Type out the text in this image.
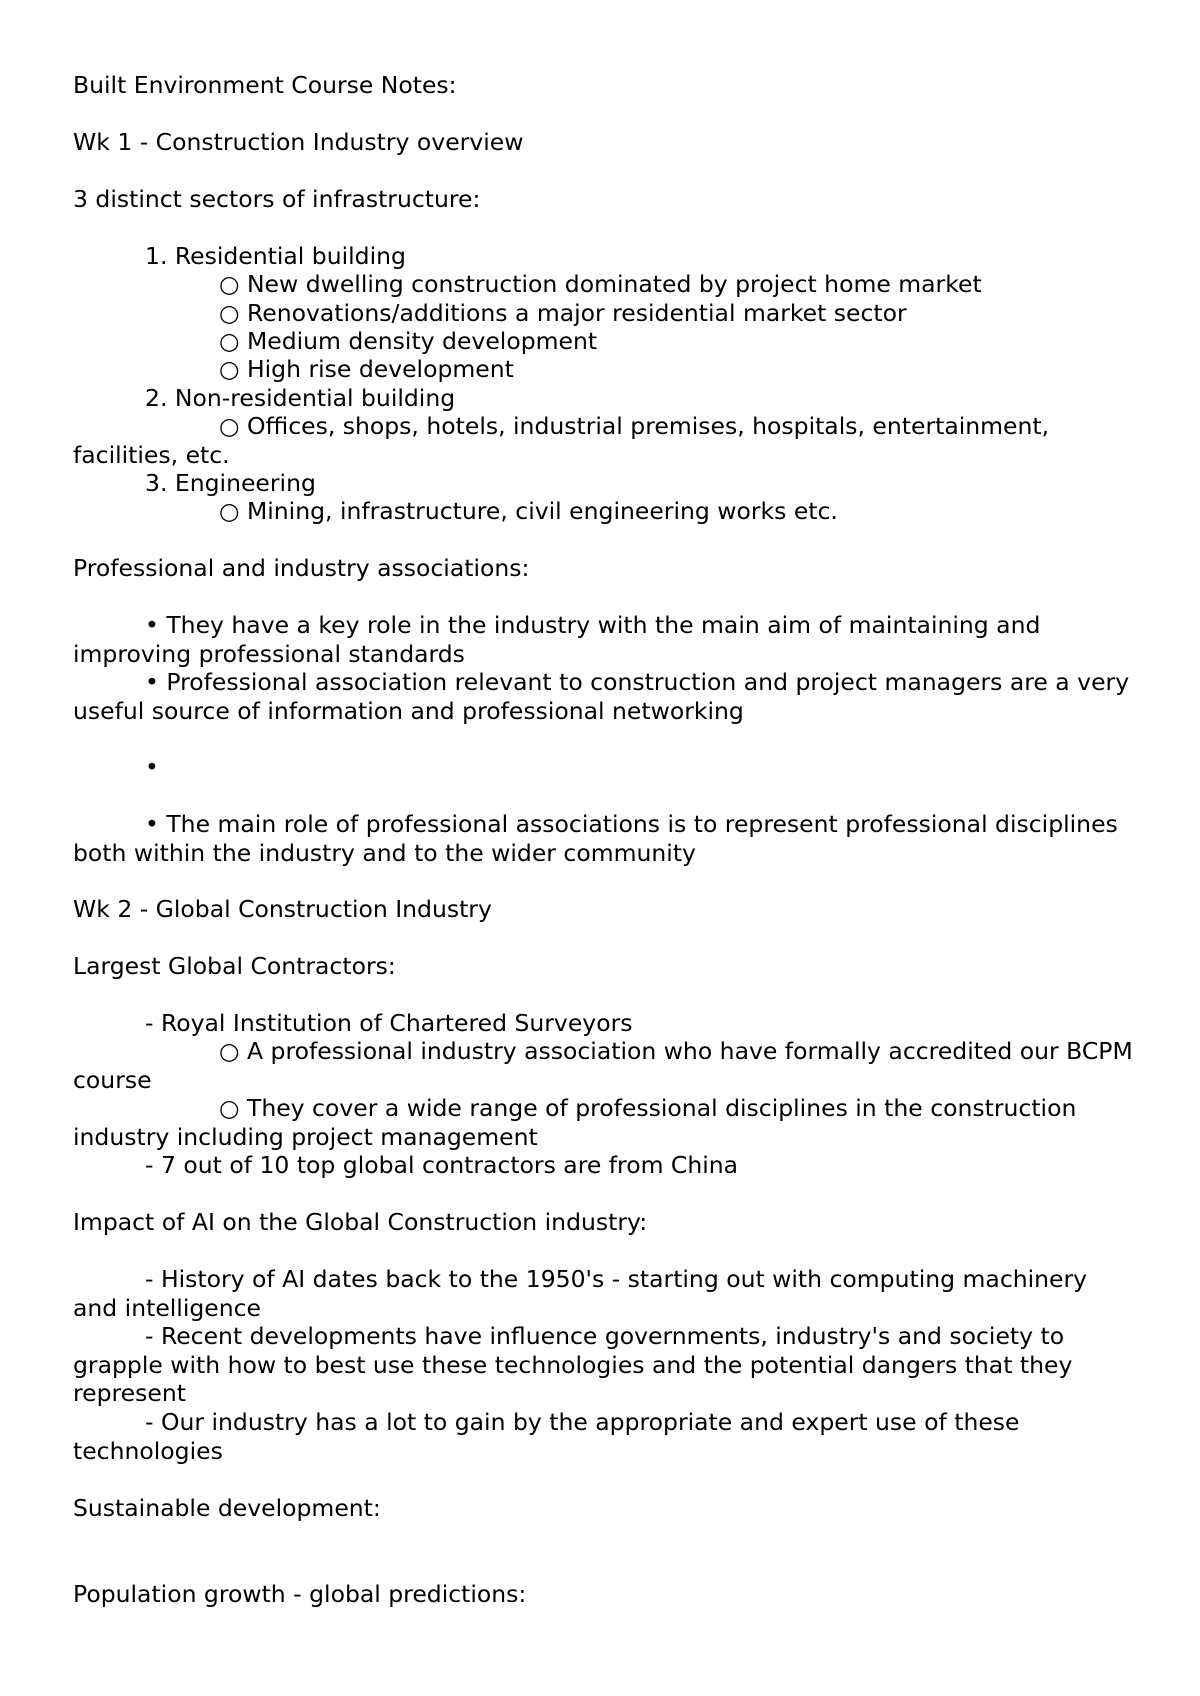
Built Environment Course Notes:

Wk 1 - Construction Industry overview

3 distinct sectors of infrastructure:

1. Residential building

○ New dwelling construction dominated by project home market

○ Renovations/additions a major residential market sector

○ Medium density development

○ High rise development

2. Non-residential building

○ Offices, shops, hotels, industrial premises, hospitals, entertainment, facilities, etc.

3. Engineering

○ Mining, infrastructure, civil engineering works etc.

Professional and industry associations:

• They have a key role in the industry with the main aim of maintaining and improving professional standards

• Professional association relevant to construction and project managers are a very useful source of information and professional networking

•

• The main role of professional associations is to represent professional disciplines both within the industry and to the wider community

Wk 2 - Global Construction Industry

Largest Global Contractors:

- Royal Institution of Chartered Surveyors

○ A professional industry association who have formally accredited our BCPM course

○ They cover a wide range of professional disciplines in the construction industry including project management

- 7 out of 10 top global contractors are from China

Impact of AI on the Global Construction industry:

- History of AI dates back to the 1950's - starting out with computing machinery and intelligence

- Recent developments have influence governments, industry's and society to grapple with how to best use these technologies and the potential dangers that they represent

- Our industry has a lot to gain by the appropriate and expert use of these technologies

Sustainable development:

Population growth - global predictions:
